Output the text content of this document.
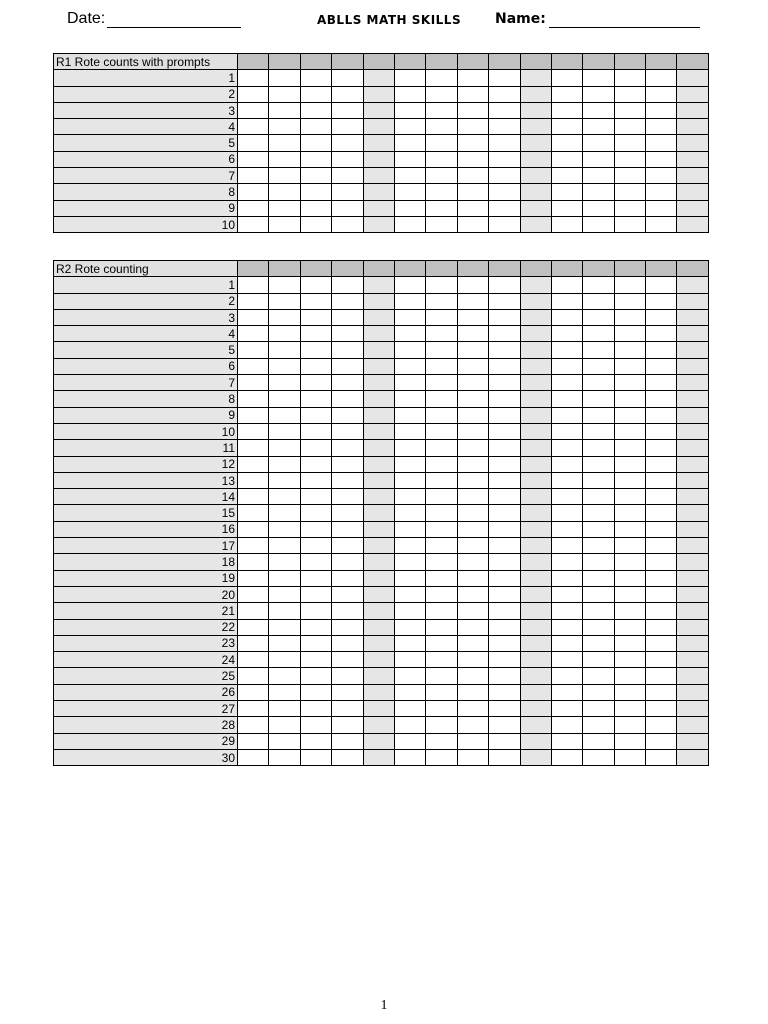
Date:	ABLLS MATH SKILLS Name:
R1 Rote counts with prompts															
1															
2															
3															
4															
5															
6															
7															
8															
9															
10															
R2 Rote counting															
1															
2															
3															
4															
5															
6															
7															
8															
9															
10															
11															
12															
13															
14															
15															
16															
17															
18															
19															
20															
21															
22															
23															
24															
25															
26															
27															
28															
29															
30															
1
